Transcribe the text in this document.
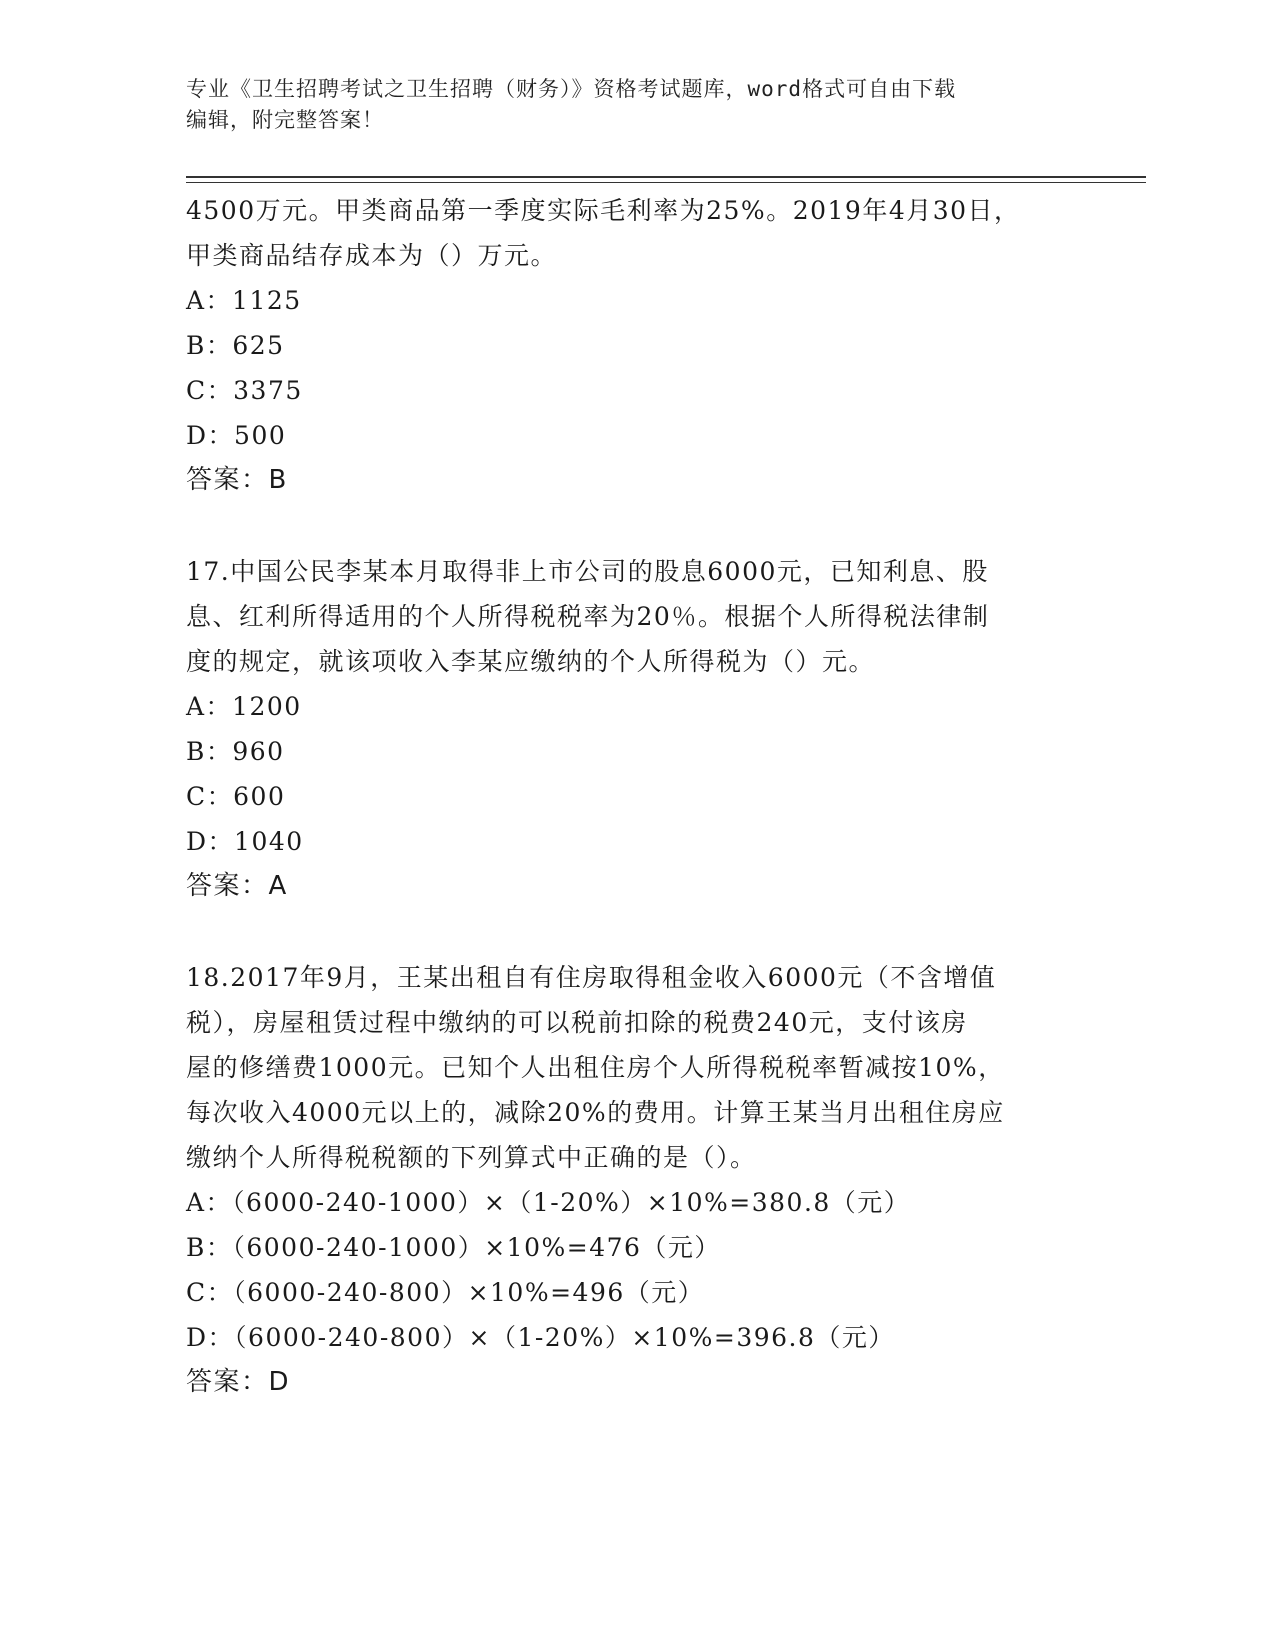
专业《卫生招聘考试之卫生招聘（财务）》资格考试题库，word格式可自由下载
编辑，附完整答案！

4500万元。甲类商品第一季度实际毛利率为25%。2019年4月30日，

甲类商品结存成本为（）万元。

A：1125

B：625

C：3375

D：500

答案：B

17.中国公民李某本月取得非上市公司的股息6000元，已知利息、股

息、红利所得适用的个人所得税税率为20％。根据个人所得税法律制

度的规定，就该项收入李某应缴纳的个人所得税为（）元。

A：1200

B：960

C：600

D：1040

答案：A

18.2017年9月，王某出租自有住房取得租金收入6000元（不含增值

税），房屋租赁过程中缴纳的可以税前扣除的税费240元，支付该房

屋的修缮费1000元。已知个人出租住房个人所得税税率暂减按10%，

每次收入4000元以上的，减除20%的费用。计算王某当月出租住房应

缴纳个人所得税税额的下列算式中正确的是（）。

A：（6000-240-1000）×（1-20%）×10%=380.8（元）

B：（6000-240-1000）×10%=476（元）

C：（6000-240-800）×10%=496（元）

D：（6000-240-800）×（1-20%）×10%=396.8（元）

答案：D
